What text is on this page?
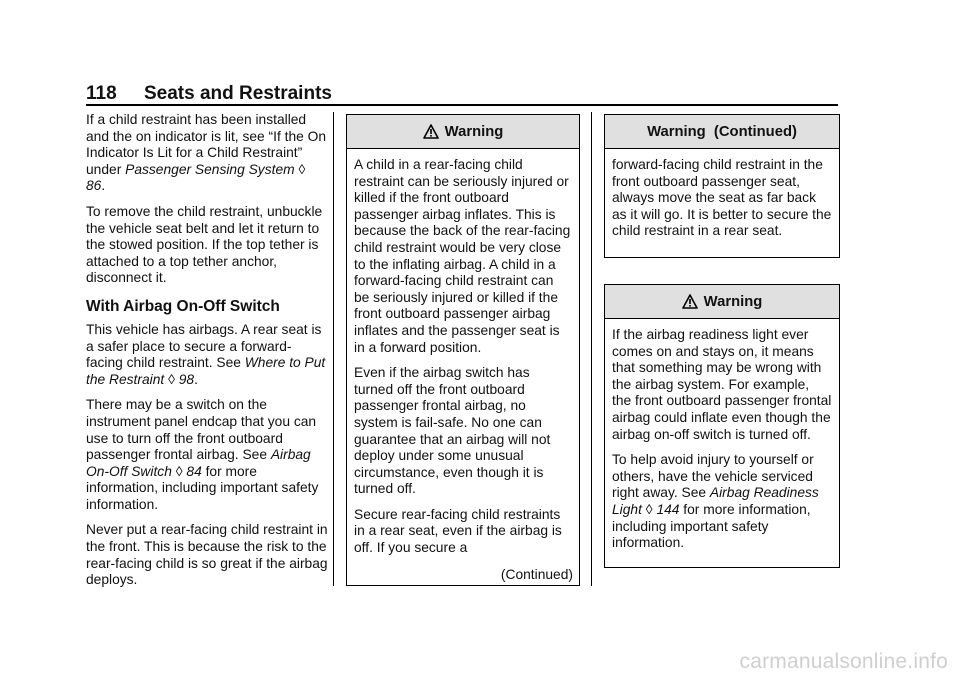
118 Seats and Restraints

If a child restraint has been installed and the on indicator is lit, see “If the On Indicator Is Lit for a Child Restraint” under Passenger Sensing System ◊ 86.

To remove the child restraint, unbuckle the vehicle seat belt and let it return to the stowed position. If the top tether is attached to a top tether anchor, disconnect it.

With Airbag On-Off Switch

This vehicle has airbags. A rear seat is a safer place to secure a forward-facing child restraint. See Where to Put the Restraint ◊ 98.

There may be a switch on the instrument panel endcap that you can use to turn off the front outboard passenger frontal airbag. See Airbag On-Off Switch ◊ 84 for more information, including important safety information.

Never put a rear-facing child restraint in the front. This is because the risk to the rear-facing child is so great if the airbag deploys.

Warning

A child in a rear-facing child restraint can be seriously injured or killed if the front outboard passenger airbag inflates. This is because the back of the rear-facing child restraint would be very close to the inflating airbag. A child in a forward-facing child restraint can be seriously injured or killed if the front outboard passenger airbag inflates and the passenger seat is in a forward position.

Even if the airbag switch has turned off the front outboard passenger frontal airbag, no system is fail-safe. No one can guarantee that an airbag will not deploy under some unusual circumstance, even though it is turned off.

Secure rear-facing child restraints in a rear seat, even if the airbag is off. If you secure a

(Continued)
Warning  (Continued)

forward-facing child restraint in the front outboard passenger seat, always move the seat as far back as it will go. It is better to secure the child restraint in a rear seat.

Warning

If the airbag readiness light ever comes on and stays on, it means that something may be wrong with the airbag system. For example, the front outboard passenger frontal airbag could inflate even though the airbag on-off switch is turned off.

To help avoid injury to yourself or others, have the vehicle serviced right away. See Airbag Readiness Light ◊ 144 for more information, including important safety information.

carmanualsonline.info
